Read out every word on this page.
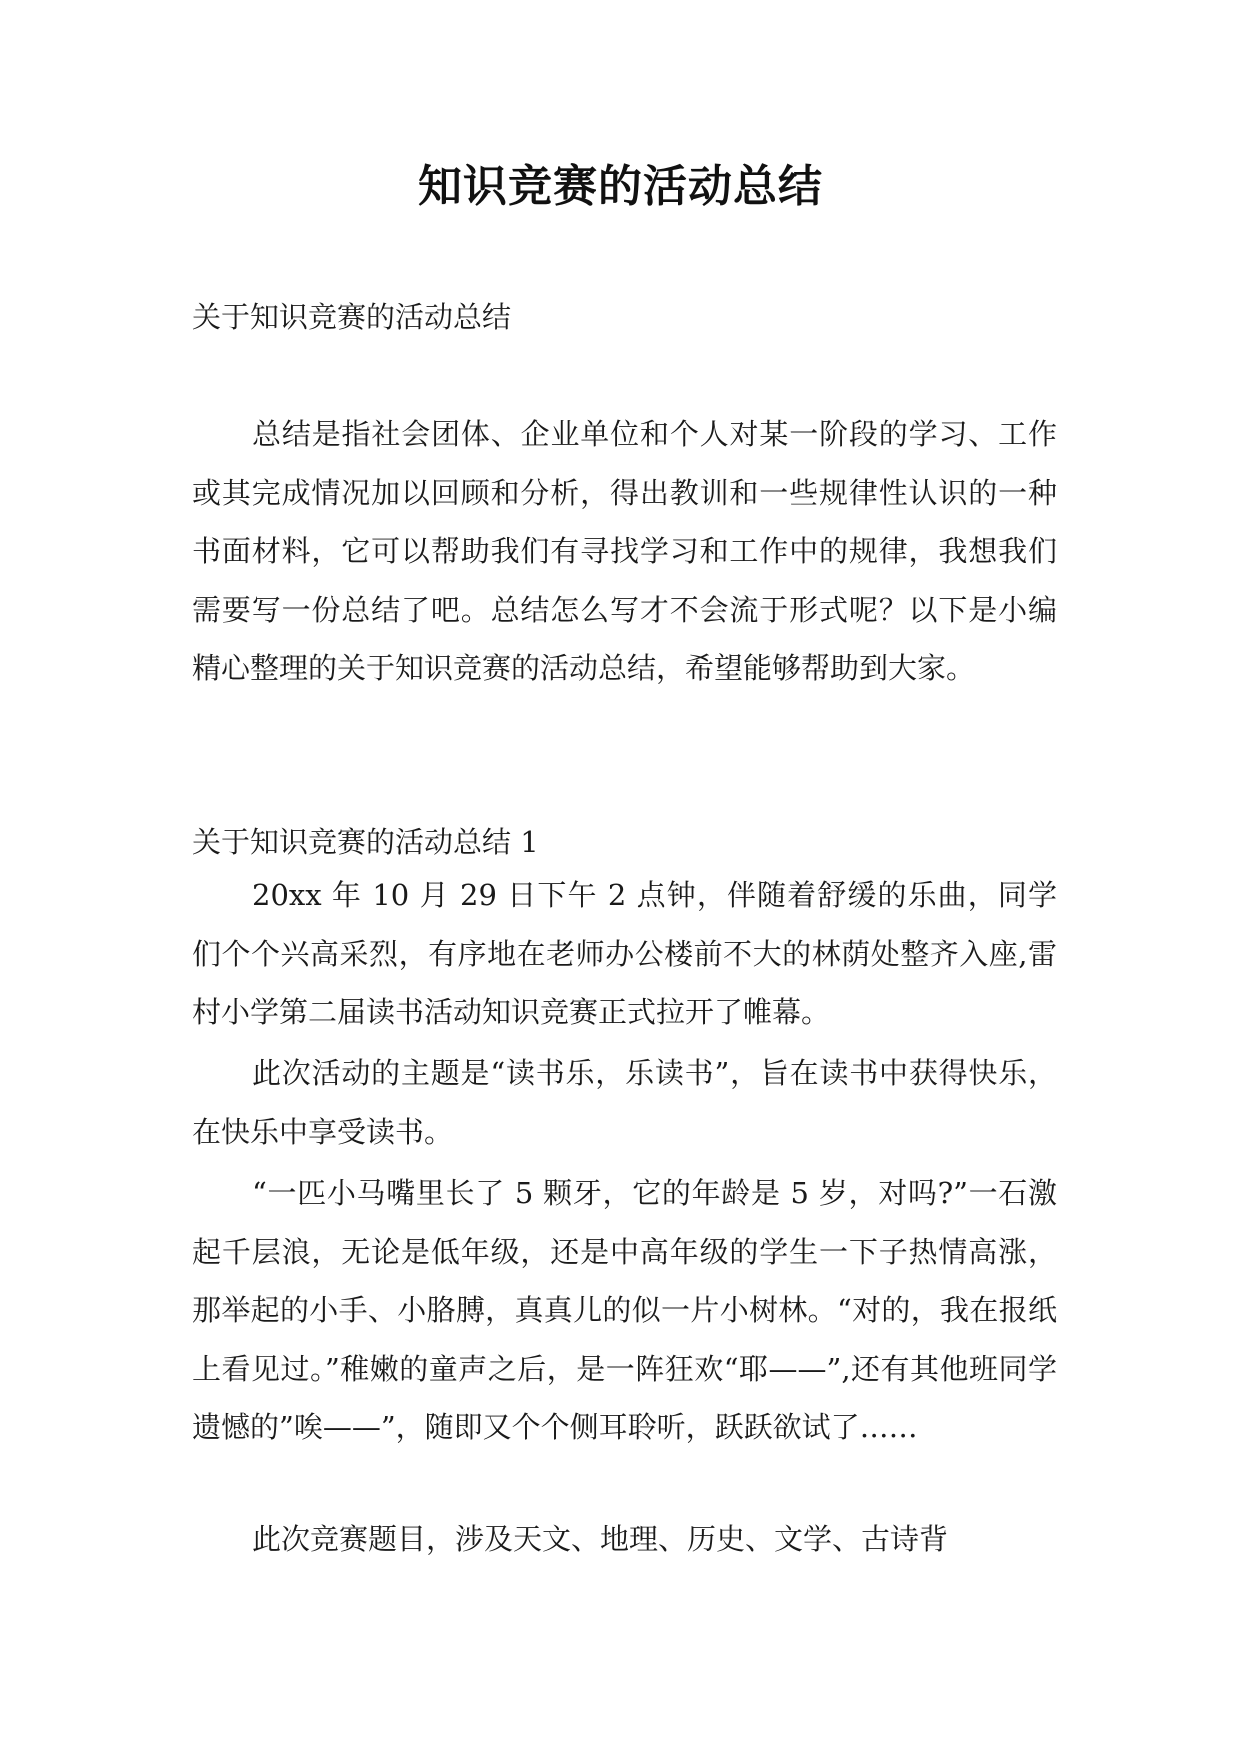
知识竞赛的活动总结

关于知识竞赛的活动总结

总结是指社会团体、企业单位和个人对某一阶段的学习、工作或其完成情况加以回顾和分析，得出教训和一些规律性认识的一种书面材料，它可以帮助我们有寻找学习和工作中的规律，我想我们需要写一份总结了吧。总结怎么写才不会流于形式呢？以下是小编精心整理的关于知识竞赛的活动总结，希望能够帮助到大家。

关于知识竞赛的活动总结 1

20xx 年 10 月 29 日下午 2 点钟，伴随着舒缓的乐曲，同学们个个兴高采烈，有序地在老师办公楼前不大的林荫处整齐入座,雷村小学第二届读书活动知识竞赛正式拉开了帷幕。

此次活动的主题是“读书乐，乐读书”，旨在读书中获得快乐，在快乐中享受读书。

“一匹小马嘴里长了 5 颗牙，它的年龄是 5 岁，对吗?”一石激起千层浪，无论是低年级，还是中高年级的学生一下子热情高涨，那举起的小手、小胳膊，真真儿的似一片小树林。“对的，我在报纸上看见过。”稚嫩的童声之后，是一阵狂欢“耶——”,还有其他班同学遗憾的”唉——”，随即又个个侧耳聆听，跃跃欲试了……

此次竞赛题目，涉及天文、地理、历史、文学、古诗背
